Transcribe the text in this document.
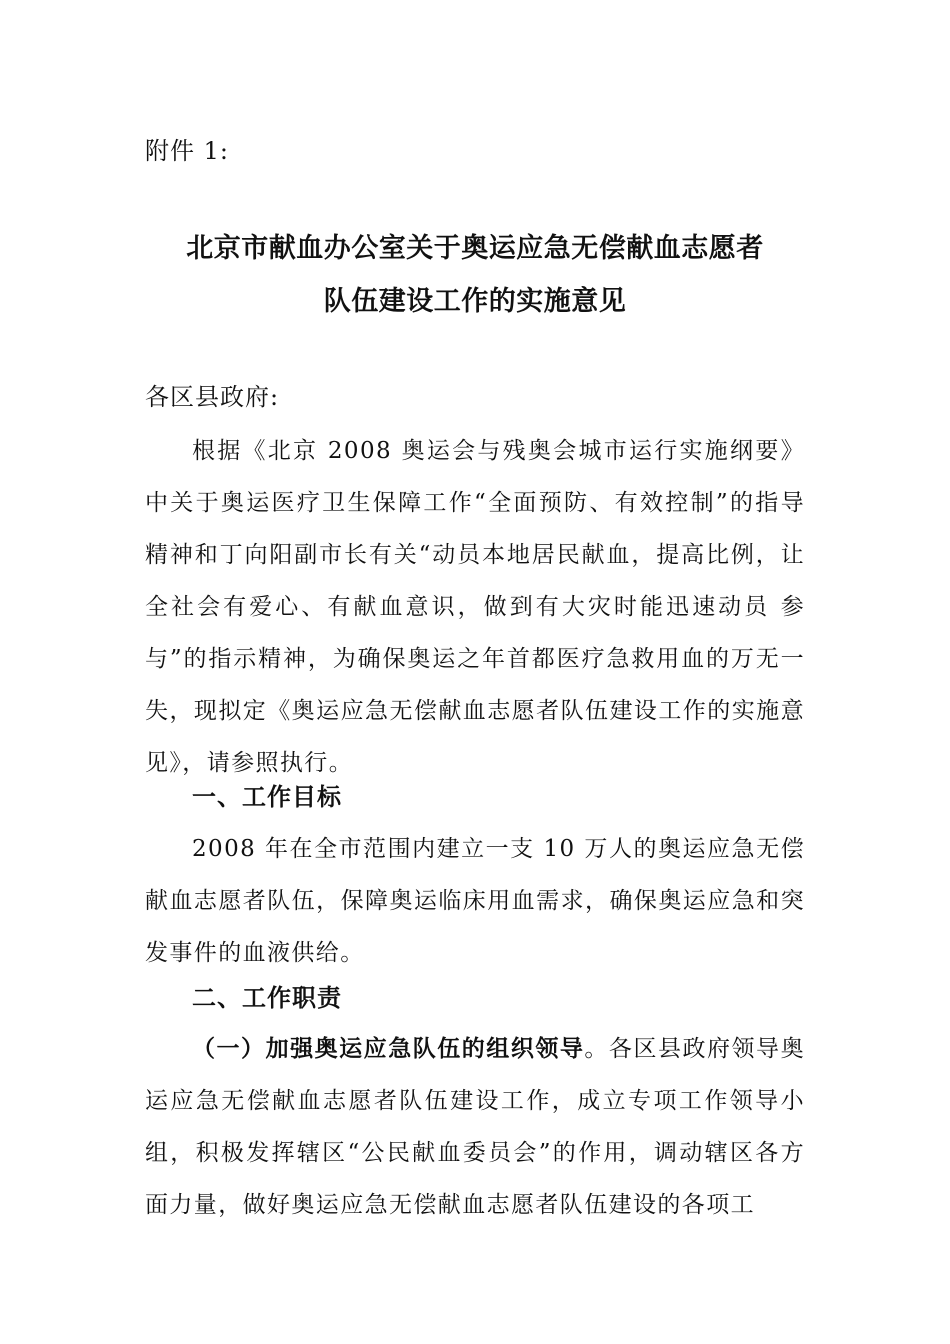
附件 1:
北京市献血办公室关于奥运应急无偿献血志愿者
队伍建设工作的实施意见
各区县政府:

根据《北京 2008 奥运会与残奥会城市运行实施纲要》中关于奥运医疗卫生保障工作“全面预防、有效控制”的指导精神和丁向阳副市长有关“动员本地居民献血，提高比例，让全社会有爱心、有献血意识，做到有大灾时能迅速动员 参与”的指示精神，为确保奥运之年首都医疗急救用血的万无一失，现拟定《奥运应急无偿献血志愿者队伍建设工作的实施意见》，请参照执行。

一、工作目标

2008 年在全市范围内建立一支 10 万人的奥运应急无偿献血志愿者队伍，保障奥运临床用血需求，确保奥运应急和突发事件的血液供给。

二、工作职责

（一）加强奥运应急队伍的组织领导。各区县政府领导奥运应急无偿献血志愿者队伍建设工作，成立专项工作领导小组，积极发挥辖区“公民献血委员会”的作用，调动辖区各方面力量，做好奥运应急无偿献血志愿者队伍建设的各项工
